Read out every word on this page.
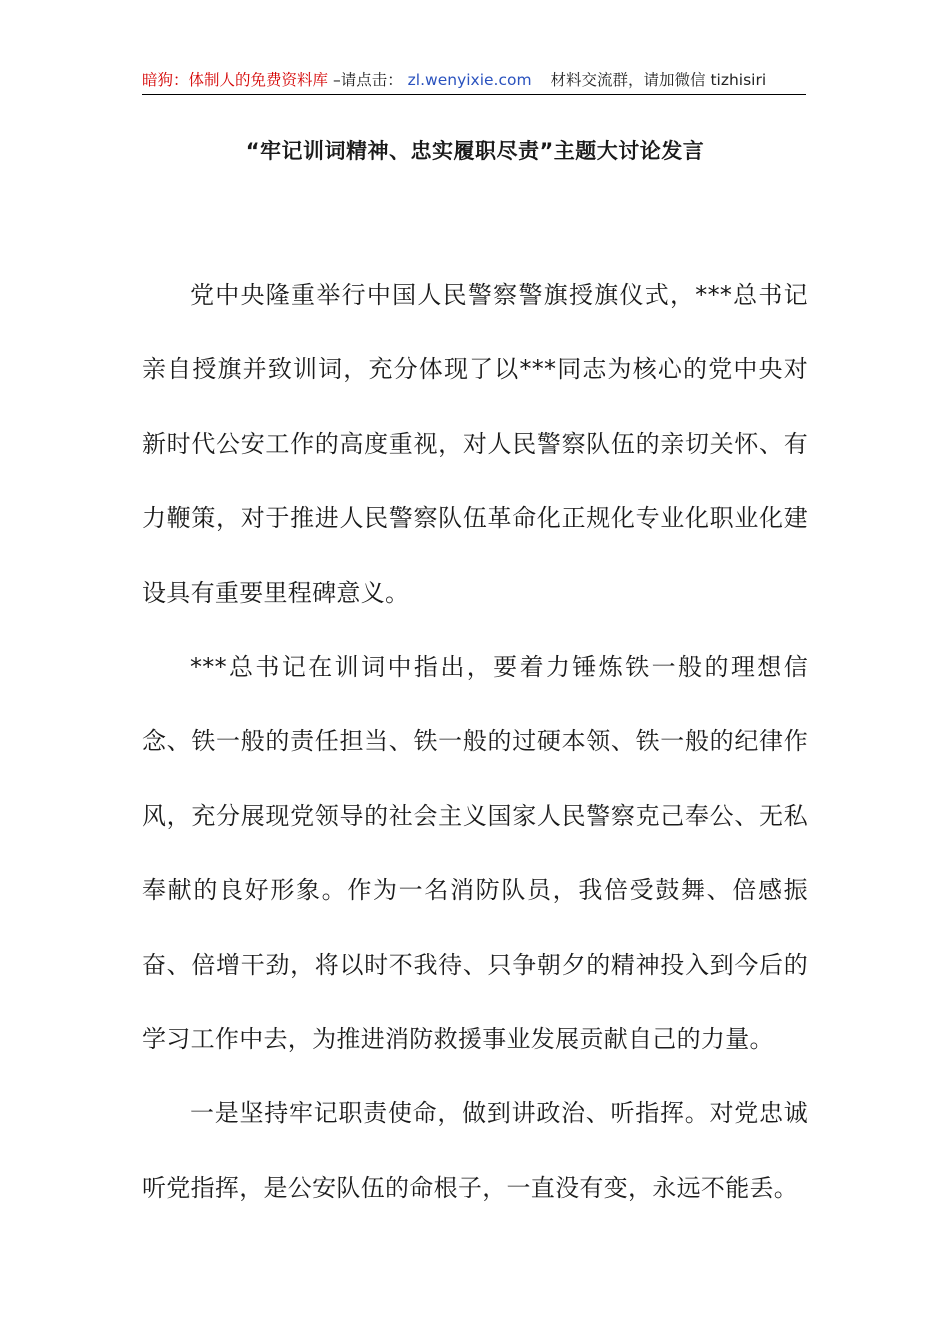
暗狗：体制人的免费资料库 –请点击： zl.wenyixie.com 材料交流群，请加微信 tizhisiri
“牢记训词精神、忠实履职尽责”主题大讨论发言

党中央隆重举行中国人民警察警旗授旗仪式，***总书记亲自授旗并致训词，充分体现了以***同志为核心的党中央对新时代公安工作的高度重视，对人民警察队伍的亲切关怀、有力鞭策，对于推进人民警察队伍革命化正规化专业化职业化建设具有重要里程碑意义。

***总书记在训词中指出，要着力锤炼铁一般的理想信念、铁一般的责任担当、铁一般的过硬本领、铁一般的纪律作风，充分展现党领导的社会主义国家人民警察克己奉公、无私奉献的良好形象。作为一名消防队员，我倍受鼓舞、倍感振奋、倍增干劲，将以时不我待、只争朝夕的精神投入到今后的学习工作中去，为推进消防救援事业发展贡献自己的力量。

一是坚持牢记职责使命，做到讲政治、听指挥。对党忠诚听党指挥，是公安队伍的命根子，一直没有变，永远不能丢。
